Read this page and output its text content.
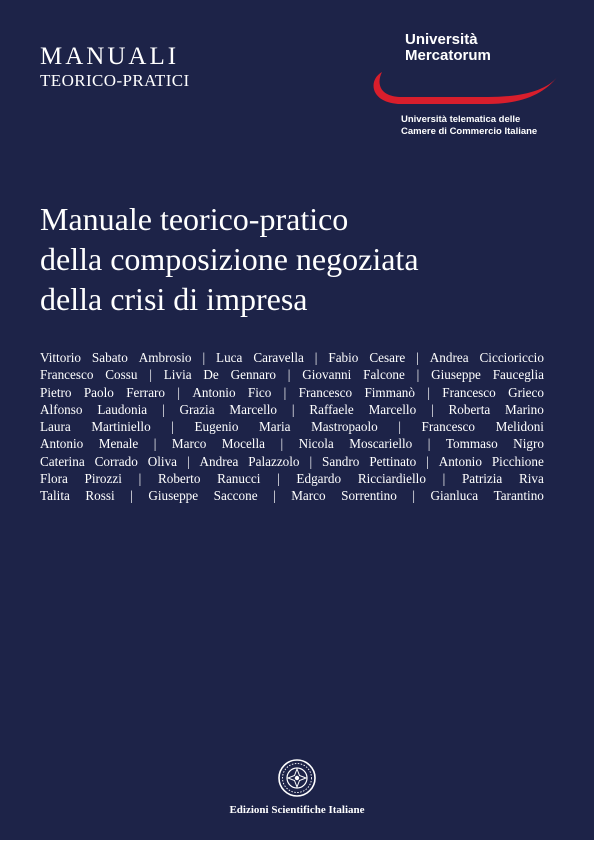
MANUALI
TEORICO-PRATICI
Università
Mercatorum
Università telematica delle
Camere di Commercio Italiane
Manuale teorico-pratico
della composizione negoziata
della crisi di impresa
Vittorio Sabato Ambrosio | Luca Caravella | Fabio Cesare | Andrea Ciccioriccio
Francesco Cossu | Livia De Gennaro | Giovanni Falcone | Giuseppe Fauceglia
Pietro Paolo Ferraro | Antonio Fico | Francesco Fimmanò | Francesco Grieco
Alfonso Laudonia | Grazia Marcello | Raffaele Marcello | Roberta Marino
Laura Martiniello | Eugenio Maria Mastropaolo | Francesco Melidoni
Antonio Menale | Marco Mocella | Nicola Moscariello | Tommaso Nigro
Caterina Corrado Oliva | Andrea Palazzolo | Sandro Pettinato | Antonio Picchione
Flora Pirozzi | Roberto Ranucci | Edgardo Ricciardiello | Patrizia Riva
Talita Rossi | Giuseppe Saccone | Marco Sorrentino | Gianluca Tarantino
Edizioni Scientifiche Italiane
